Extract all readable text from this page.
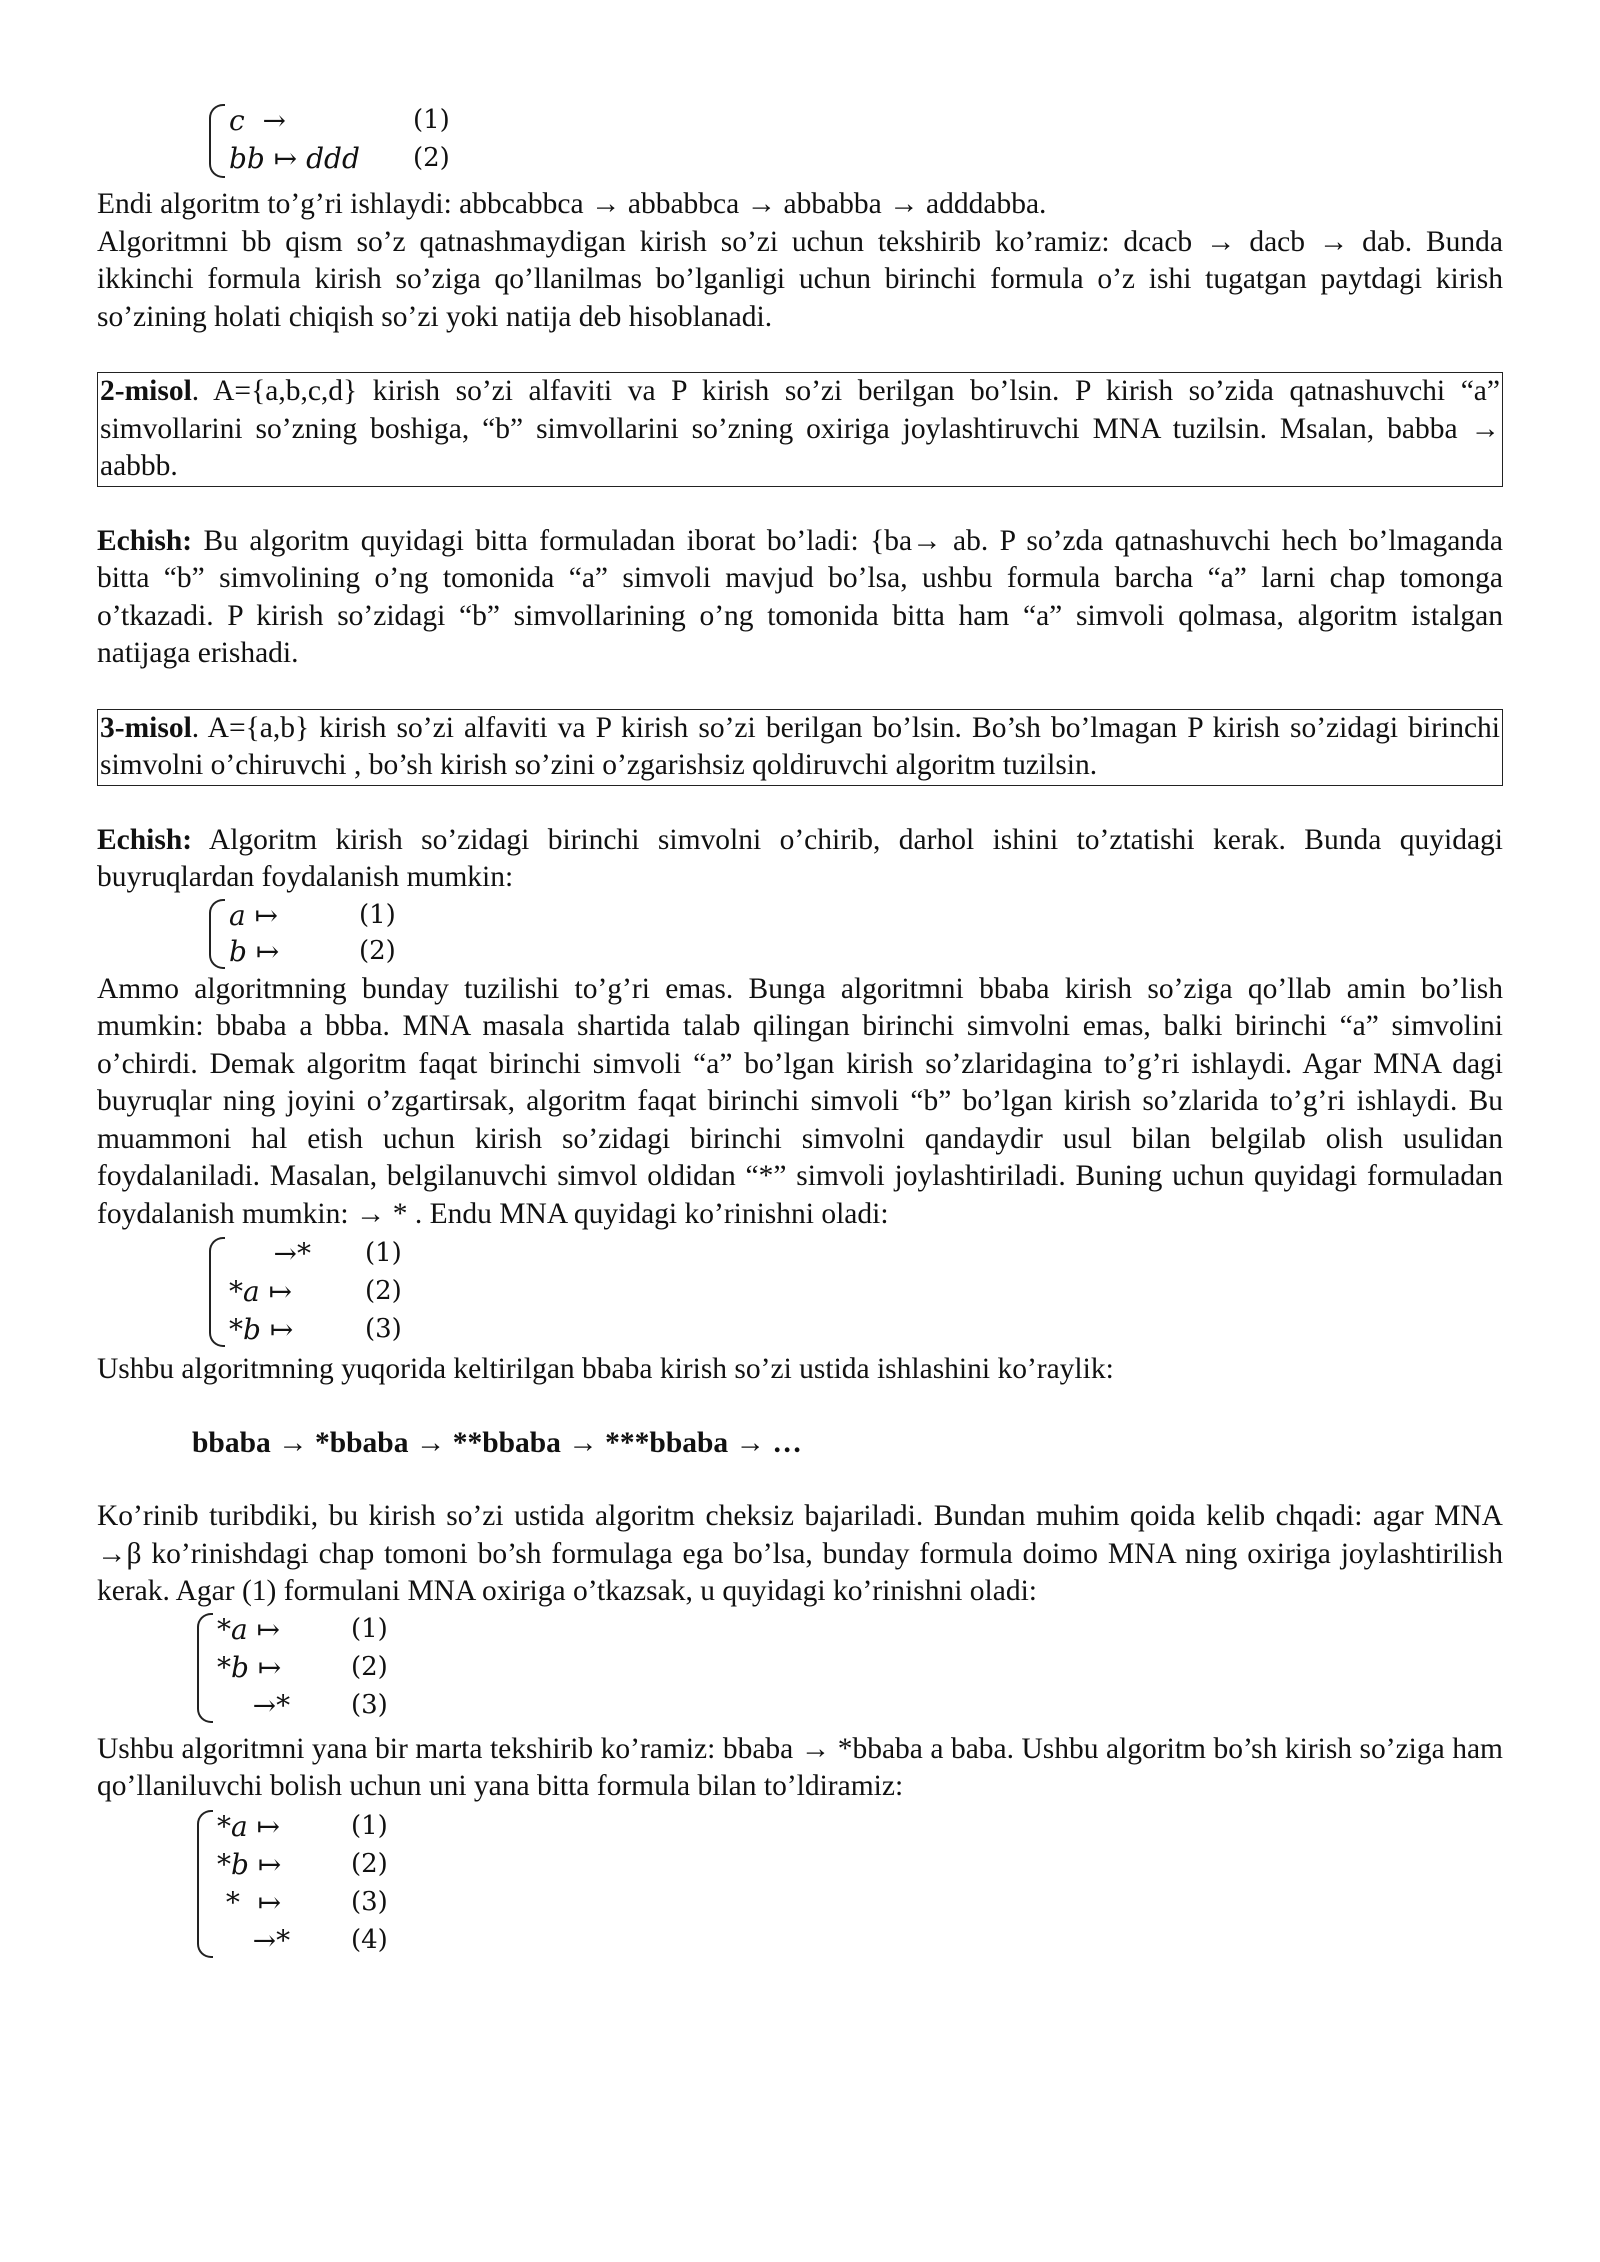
c  →	(1)
bb ↦ ddd (2)

Endi algoritm to’g’ri ishlaydi: abbcabbca → abbabbca → abbabba → adddabba.

Algoritmni bb qism so’z qatnashmaydigan kirish so’zi uchun tekshirib ko’ramiz: dcacb → dacb → dab. Bunda ikkinchi formula kirish so’ziga qo’llanilmas bo’lganligi uchun birinchi formula o’z ishi tugatgan paytdagi kirish so’zining holati chiqish so’zi yoki natija deb hisoblanadi.

2-misol. A={a,b,c,d} kirish so’zi alfaviti va P kirish so’zi berilgan bo’lsin. P kirish so’zida qatnashuvchi “a” simvollarini so’zning boshiga, “b” simvollarini so’zning oxiriga joylashtiruvchi MNA tuzilsin. Msalan, babba → aabbb.

Echish: Bu algoritm quyidagi bitta formuladan iborat bo’ladi: {ba→ ab. P so’zda qatnashuvchi hech bo’lmaganda bitta “b” simvolining o’ng tomonida “a” simvoli mavjud bo’lsa, ushbu formula barcha “a” larni chap tomonga o’tkazadi. P kirish so’zidagi “b” simvollarining o’ng tomonida bitta ham “a” simvoli qolmasa, algoritm istalgan natijaga erishadi.

3-misol. A={a,b} kirish so’zi alfaviti va P kirish so’zi berilgan bo’lsin. Bo’sh bo’lmagan P kirish so’zidagi birinchi simvolni o’chiruvchi , bo’sh kirish so’zini o’zgarishsiz qoldiruvchi algoritm tuzilsin.

Echish: Algoritm kirish so’zidagi birinchi simvolni o’chirib, darhol ishini to’ztatishi kerak. Bunda quyidagi buyruqlardan foydalanish mumkin:

a ↦	(1)
b ↦	(2)

Ammo algoritmning bunday tuzilishi to’g’ri emas. Bunga algoritmni bbaba kirish so’ziga qo’llab amin bo’lish mumkin: bbaba a bbba. MNA masala shartida talab qilingan birinchi simvolni emas, balki birinchi “a” simvolini o’chirdi. Demak algoritm faqat birinchi simvoli “a” bo’lgan kirish so’zlaridagina to’g’ri ishlaydi. Agar MNA dagi buyruqlar ning joyini o’zgartirsak, algoritm faqat birinchi simvoli “b” bo’lgan kirish so’zlarida to’g’ri ishlaydi. Bu muammoni hal etish uchun kirish so’zidagi birinchi simvolni qandaydir usul bilan belgilab olish usulidan foydalaniladi. Masalan, belgilanuvchi simvol oldidan “*” simvoli joylashtiriladi. Buning uchun quyidagi formuladan foydalanish mumkin: → * . Endu MNA quyidagi ko’rinishni oladi:

→* (1)
*a ↦	(2)
*b ↦	(3)

Ushbu algoritmning yuqorida keltirilgan bbaba kirish so’zi ustida ishlashini ko’raylik:

bbaba → *bbaba → **bbaba → ***bbaba → …

Ko’rinib turibdiki, bu kirish so’zi ustida algoritm cheksiz bajariladi. Bundan muhim qoida kelib chqadi: agar MNA →β ko’rinishdagi chap tomoni bo’sh formulaga ega bo’lsa, bunday formula doimo MNA ning oxiriga joylashtirilish kerak. Agar (1) formulani MNA oxiriga o’tkazsak, u quyidagi ko’rinishni oladi:

*a ↦	(1)
*b ↦	(2)
→* (3)

Ushbu algoritmni yana bir marta tekshirib ko’ramiz: bbaba → *bbaba a baba. Ushbu algoritm bo’sh kirish so’ziga ham qo’llaniluvchi bolish uchun uni yana bitta formula bilan to’ldiramiz:

*a ↦	(1)
*b ↦	(2)
*  ↦	(3)
→* (4)
